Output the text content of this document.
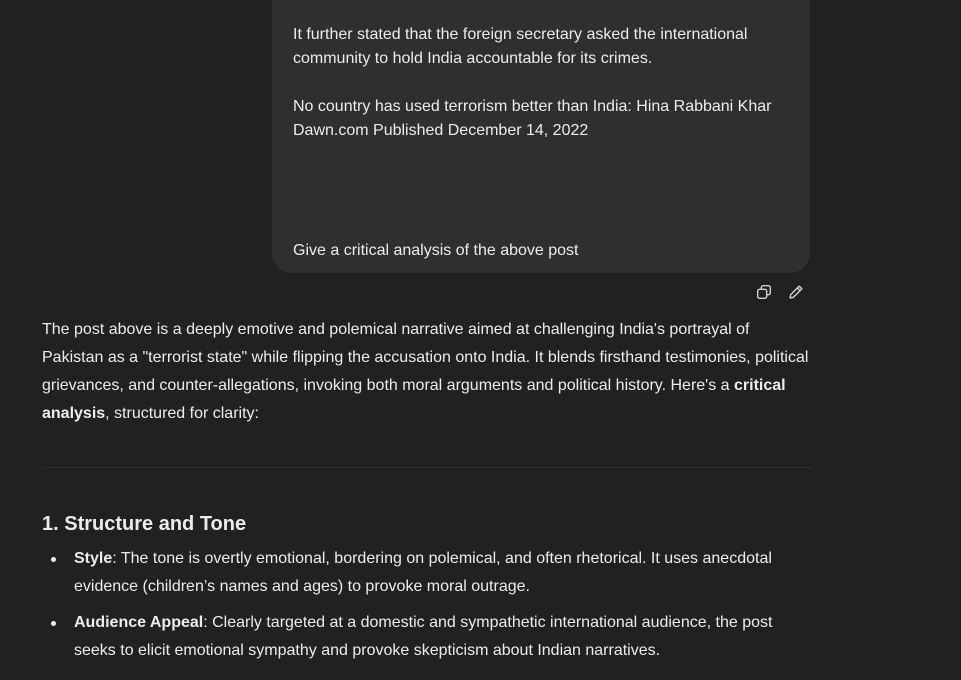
It further stated that the foreign secretary asked the international community to hold India accountable for its crimes.

No country has used terrorism better than India: Hina Rabbani Khar

Dawn.com Published December 14, 2022

Give a critical analysis of the above post

The post above is a deeply emotive and polemical narrative aimed at challenging India's portrayal of Pakistan as a "terrorist state" while flipping the accusation onto India. It blends firsthand testimonies, political grievances, and counter-allegations, invoking both moral arguments and political history. Here's a critical analysis, structured for clarity:

1. Structure and Tone
Style: The tone is overtly emotional, bordering on polemical, and often rhetorical. It uses anecdotal evidence (children’s names and ages) to provoke moral outrage.
Audience Appeal: Clearly targeted at a domestic and sympathetic international audience, the post seeks to elicit emotional sympathy and provoke skepticism about Indian narratives.
